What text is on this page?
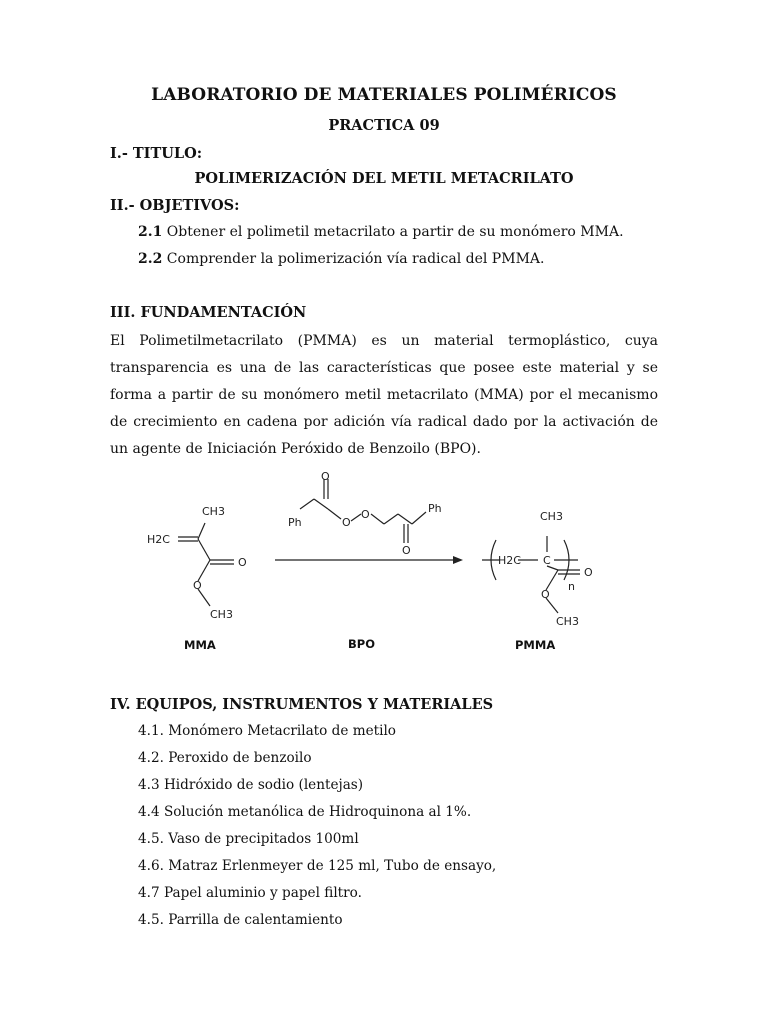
LABORATORIO DE MATERIALES POLIMÉRICOS
PRACTICA 09
I.- TITULO:
POLIMERIZACIÓN DEL METIL METACRILATO
II.- OBJETIVOS:
2.1 Obtener el polimetil metacrilato a partir de su monómero MMA.
2.2 Comprender la polimerización vía radical del PMMA.
III. FUNDAMENTACIÓN
El Polimetilmetacrilato (PMMA) es un material termoplástico, cuya transparencia es una de las características que posee este material y se forma a partir de su monómero metil metacrilato (MMA) por el mecanismo de crecimiento en cadena por adición vía radical dado por la activación de un agente de Iniciación Peróxido de Benzoilo (BPO).
CH3
H2C
O
O
CH3
Ph
O
O
O
O
Ph
CH3
H2C C
n
O
O
CH3
MMA	BPO	PMMA
IV. EQUIPOS, INSTRUMENTOS Y MATERIALES
4.1. Monómero Metacrilato de metilo
4.2. Peroxido de benzoilo
4.3 Hidróxido de sodio (lentejas)
4.4 Solución metanólica de Hidroquinona al 1%.
4.5. Vaso de precipitados 100ml
4.6. Matraz Erlenmeyer de 125 ml, Tubo de ensayo,
4.7 Papel aluminio y papel filtro.
4.5. Parrilla de calentamiento
